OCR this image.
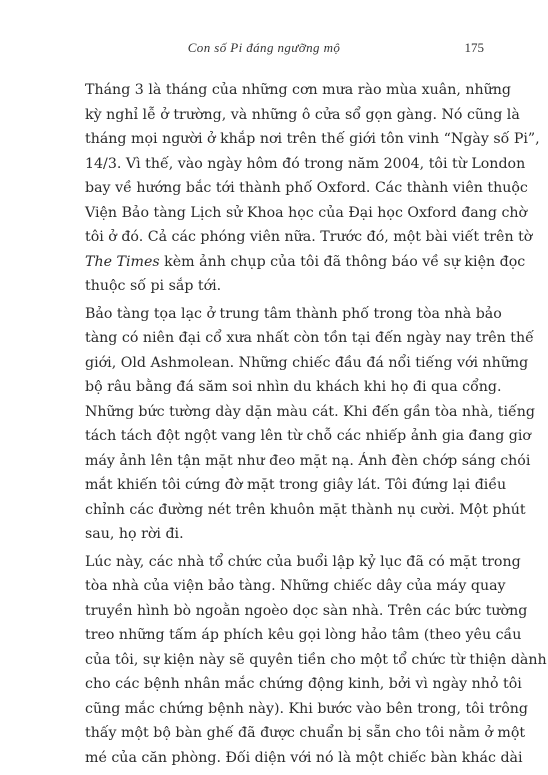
Con số Pi đáng ngưỡng mộ	175

Tháng 3 là tháng của những cơn mưa rào mùa xuân, những
kỳ nghỉ lễ ở trường, và những ô cửa sổ gọn gàng. Nó cũng là
tháng mọi người ở khắp nơi trên thế giới tôn vinh “Ngày số Pi”,
14/3. Vì thế, vào ngày hôm đó trong năm 2004, tôi từ London
bay về hướng bắc tới thành phố Oxford. Các thành viên thuộc
Viện Bảo tàng Lịch sử Khoa học của Đại học Oxford đang chờ
tôi ở đó. Cả các phóng viên nữa. Trước đó, một bài viết trên tờ
The Times kèm ảnh chụp của tôi đã thông báo về sự kiện đọc
thuộc số pi sắp tới.

Bảo tàng tọa lạc ở trung tâm thành phố trong tòa nhà bảo
tàng có niên đại cổ xưa nhất còn tồn tại đến ngày nay trên thế
giới, Old Ashmolean. Những chiếc đầu đá nổi tiếng với những
bộ râu bằng đá săm soi nhìn du khách khi họ đi qua cổng.
Những bức tường dày dặn màu cát. Khi đến gần tòa nhà, tiếng
tách tách đột ngột vang lên từ chỗ các nhiếp ảnh gia đang giơ
máy ảnh lên tận mặt như đeo mặt nạ. Ánh đèn chớp sáng chói
mắt khiến tôi cứng đờ mặt trong giây lát. Tôi đứng lại điều
chỉnh các đường nét trên khuôn mặt thành nụ cười. Một phút
sau, họ rời đi.

Lúc này, các nhà tổ chức của buổi lập kỷ lục đã có mặt trong
tòa nhà của viện bảo tàng. Những chiếc dây của máy quay
truyền hình bò ngoằn ngoèo dọc sàn nhà. Trên các bức tường
treo những tấm áp phích kêu gọi lòng hảo tâm (theo yêu cầu
của tôi, sự kiện này sẽ quyên tiền cho một tổ chức từ thiện dành
cho các bệnh nhân mắc chứng động kinh, bởi vì ngày nhỏ tôi
cũng mắc chứng bệnh này). Khi bước vào bên trong, tôi trông
thấy một bộ bàn ghế đã được chuẩn bị sẵn cho tôi nằm ở một
mé của căn phòng. Đối diện với nó là một chiếc bàn khác dài
